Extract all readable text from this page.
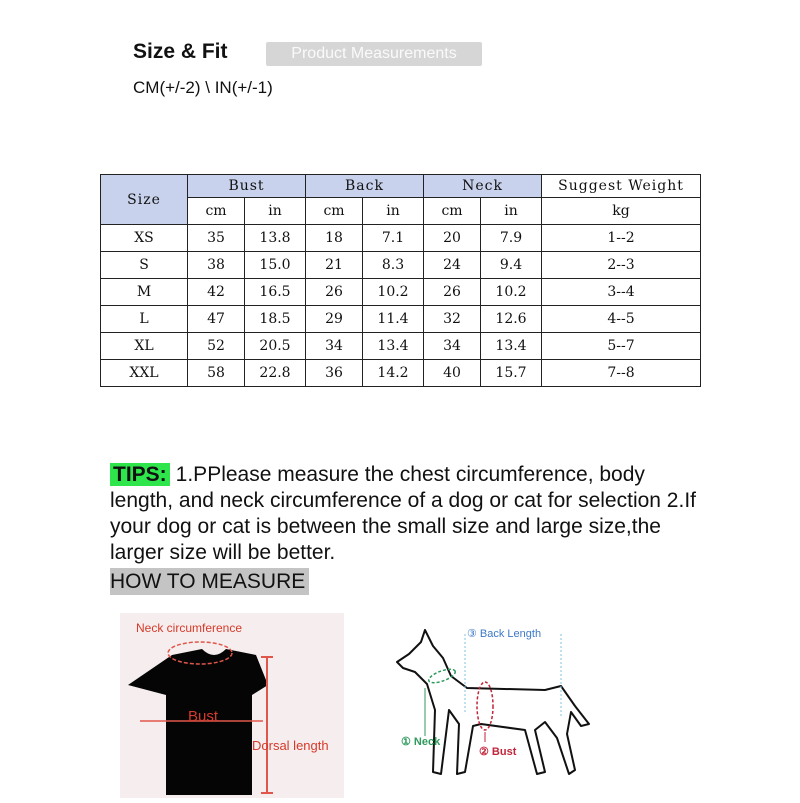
Size & Fit	Product Measurements
CM(+/-2) \ IN(+/-1)
Size	Bust		Back		Neck		Suggest Weight
	cm	in	cm	in	cm	in	kg
XS	35	13.8	18	7.1	20	7.9	1--2
S	38	15.0	21	8.3	24	9.4	2--3
M	42	16.5	26	10.2	26	10.2	3--4
L	47	18.5	29	11.4	32	12.6	4--5
XL	52	20.5	34	13.4	34	13.4	5--7
XXL	58	22.8	36	14.2	40	15.7	7--8
TIPS: 1.PPlease measure the chest circumference, body length, and neck circumference of a dog or cat for selection 2.If your dog or cat is between the small size and large size,the larger size will be better.
HOW TO MEASURE
Neck circumference
Bust
Dorsal length
③ Back Length
① Neck
② Bust
